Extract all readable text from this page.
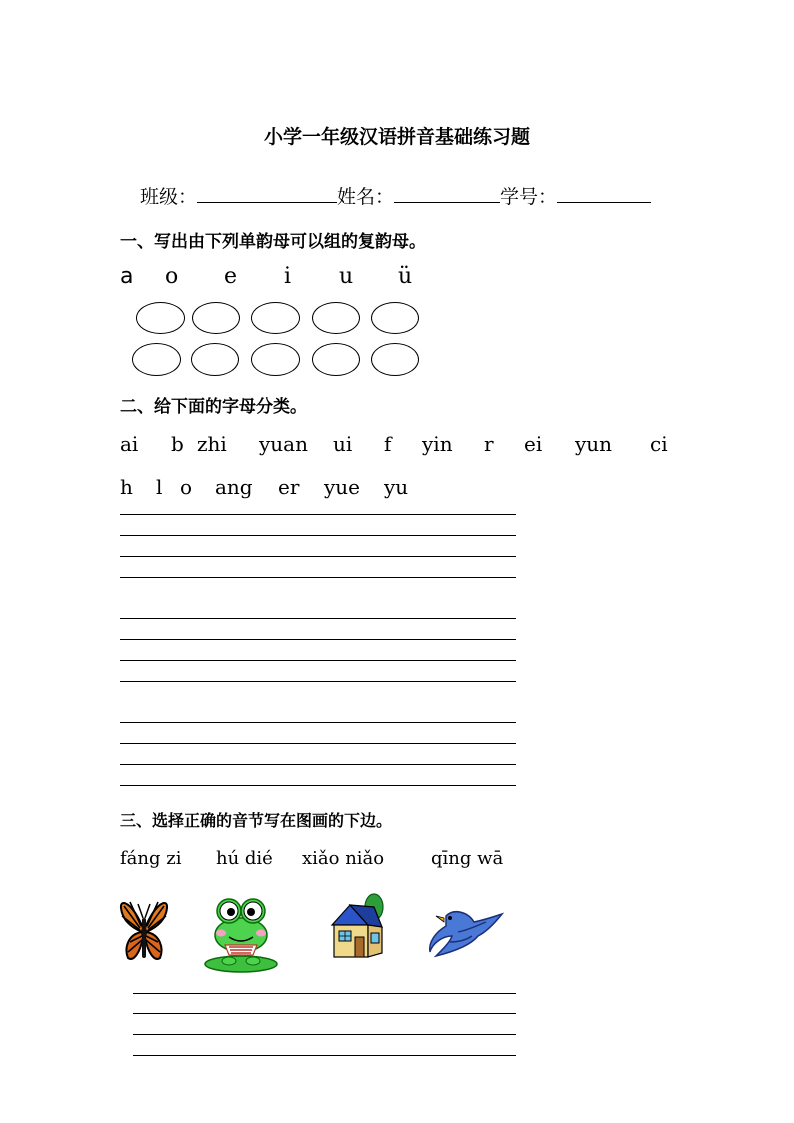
小学一年级汉语拼音基础练习题
班级：	姓名：	学号：
一、写出由下列单韵母可以组的复韵母。
a o e i u ü
二、给下面的字母分类。
ai b zhi yuan ui f yin r ei yun ci
h l o ang er yue yu
三、选择正确的音节写在图画的下边。
fáng zi hú dié xiǎo niǎo	qīng wā
